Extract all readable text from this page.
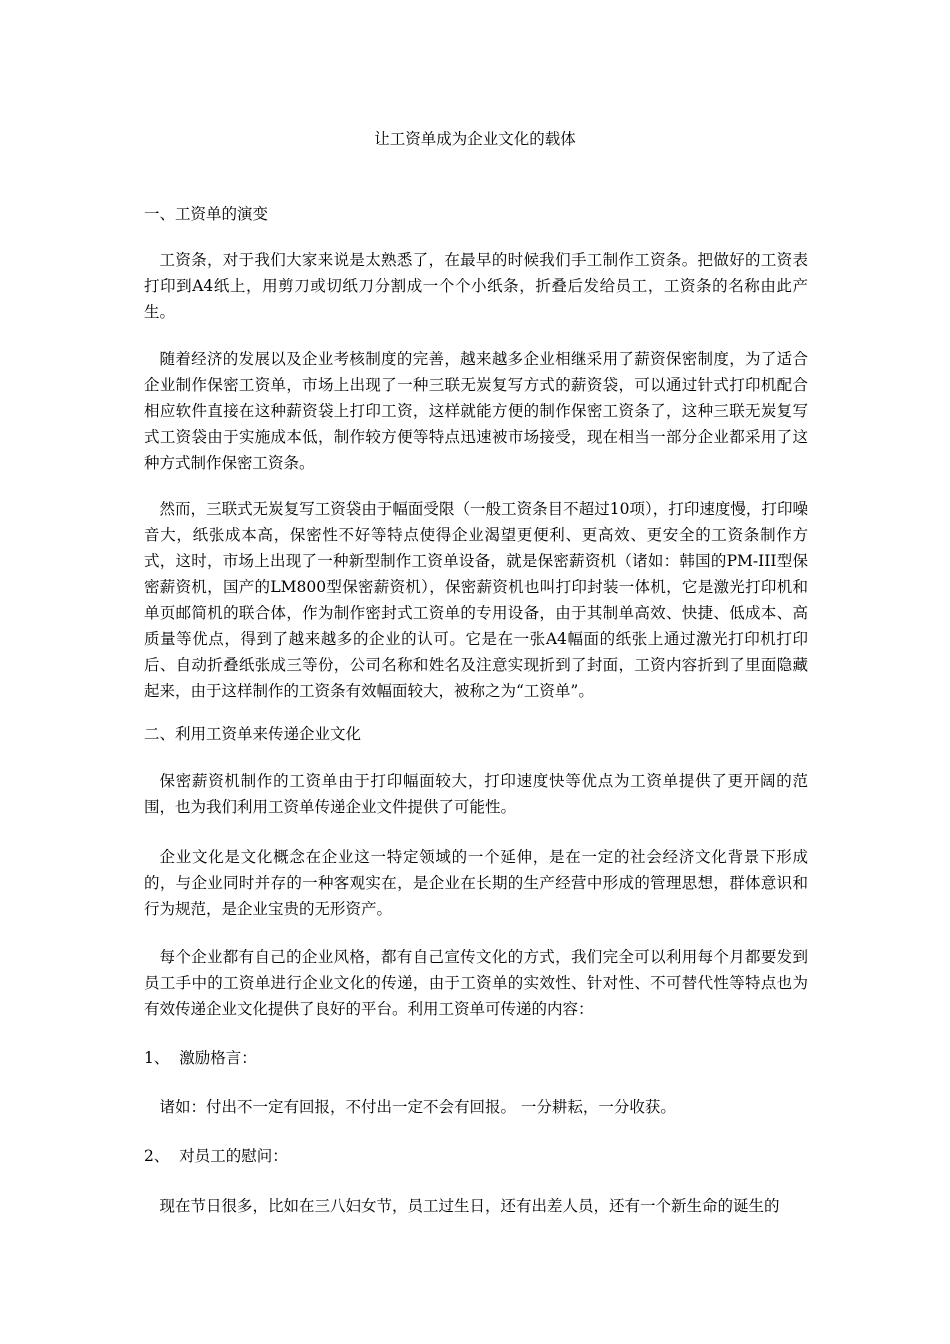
让工资单成为企业文化的载体
一、工资单的演变
工资条，对于我们大家来说是太熟悉了，在最早的时候我们手工制作工资条。把做好的工资表打印到A4纸上，用剪刀或切纸刀分割成一个个小纸条，折叠后发给员工，工资条的名称由此产生。
随着经济的发展以及企业考核制度的完善，越来越多企业相继采用了薪资保密制度，为了适合企业制作保密工资单，市场上出现了一种三联无炭复写方式的薪资袋，可以通过针式打印机配合相应软件直接在这种薪资袋上打印工资，这样就能方便的制作保密工资条了，这种三联无炭复写式工资袋由于实施成本低，制作较方便等特点迅速被市场接受，现在相当一部分企业都采用了这种方式制作保密工资条。
然而，三联式无炭复写工资袋由于幅面受限（一般工资条目不超过10项），打印速度慢，打印噪音大，纸张成本高，保密性不好等特点使得企业渴望更便利、更高效、更安全的工资条制作方式，这时，市场上出现了一种新型制作工资单设备，就是保密薪资机（诸如：韩国的PM-III型保密薪资机，国产的LM800型保密薪资机），保密薪资机也叫打印封装一体机，它是激光打印机和单页邮简机的联合体，作为制作密封式工资单的专用设备，由于其制单高效、快捷、低成本、高质量等优点，得到了越来越多的企业的认可。它是在一张A4幅面的纸张上通过激光打印机打印后、自动折叠纸张成三等份，公司名称和姓名及注意实现折到了封面，工资内容折到了里面隐藏起来，由于这样制作的工资条有效幅面较大，被称之为“工资单”。
二、利用工资单来传递企业文化
保密薪资机制作的工资单由于打印幅面较大，打印速度快等优点为工资单提供了更开阔的范围，也为我们利用工资单传递企业文件提供了可能性。
企业文化是文化概念在企业这一特定领域的一个延伸，是在一定的社会经济文化背景下形成的，与企业同时并存的一种客观实在，是企业在长期的生产经营中形成的管理思想，群体意识和行为规范，是企业宝贵的无形资产。
每个企业都有自己的企业风格，都有自己宣传文化的方式，我们完全可以利用每个月都要发到员工手中的工资单进行企业文化的传递，由于工资单的实效性、针对性、不可替代性等特点也为有效传递企业文化提供了良好的平台。利用工资单可传递的内容：
1、  激励格言：
诸如：付出不一定有回报，不付出一定不会有回报。 一分耕耘，一分收获。
2、  对员工的慰问：
现在节日很多，比如在三八妇女节，员工过生日，还有出差人员，还有一个新生命的诞生的
